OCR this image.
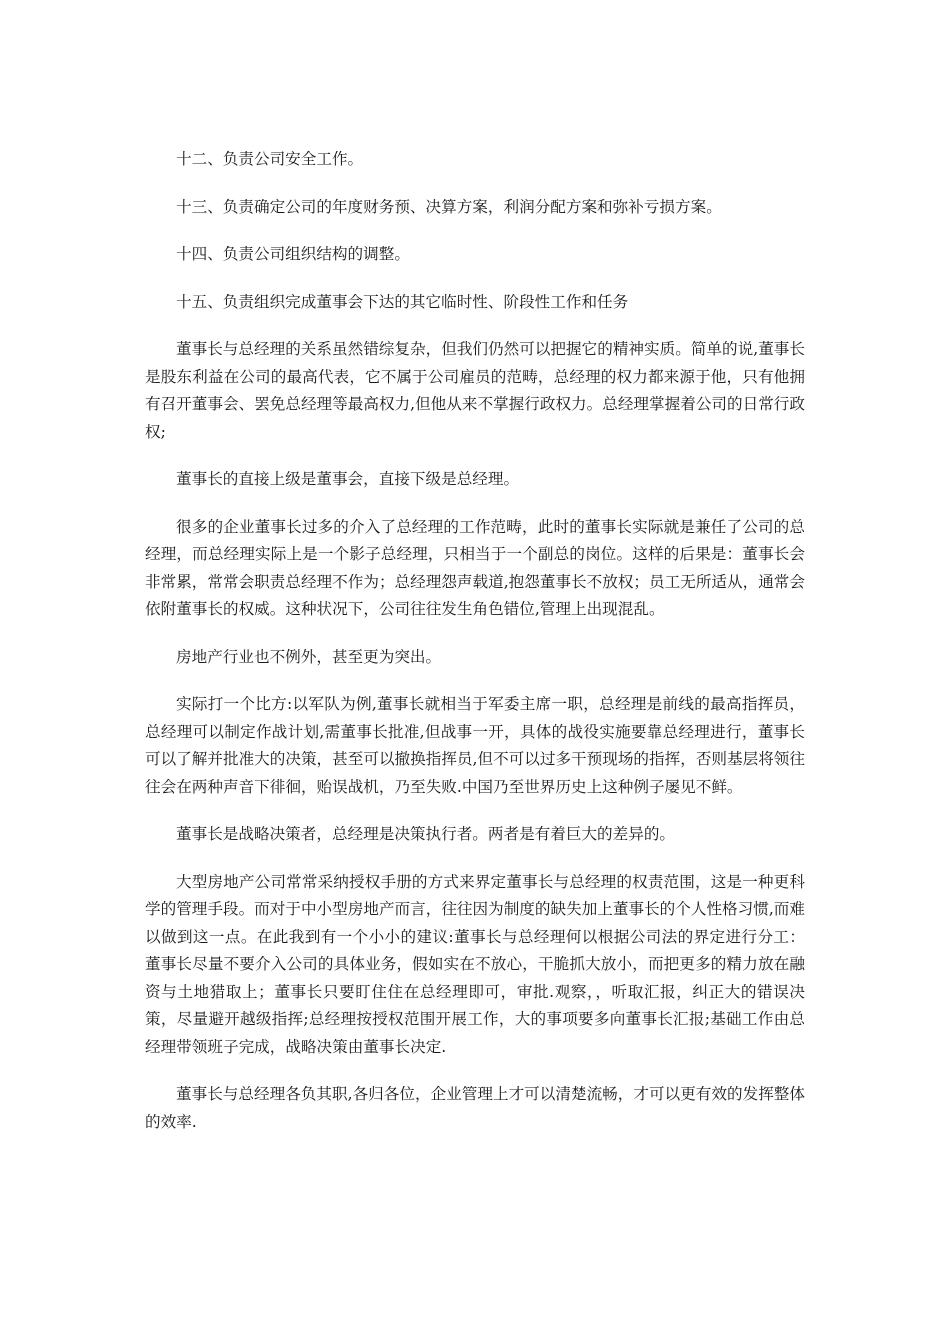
十二、负责公司安全工作。

十三、负责确定公司的年度财务预、决算方案，利润分配方案和弥补亏损方案。

十四、负责公司组织结构的调整。

十五、负责组织完成董事会下达的其它临时性、阶段性工作和任务

董事长与总经理的关系虽然错综复杂，但我们仍然可以把握它的精神实质。简单的说,董事长是股东利益在公司的最高代表，它不属于公司雇员的范畴，总经理的权力都来源于他，只有他拥有召开董事会、罢免总经理等最高权力,但他从来不掌握行政权力。总经理掌握着公司的日常行政权;

董事长的直接上级是董事会，直接下级是总经理。

很多的企业董事长过多的介入了总经理的工作范畴，此时的董事长实际就是兼任了公司的总经理，而总经理实际上是一个影子总经理，只相当于一个副总的岗位。这样的后果是：董事长会非常累，常常会职责总经理不作为；总经理怨声载道,抱怨董事长不放权；员工无所适从，通常会依附董事长的权威。这种状况下，公司往往发生角色错位,管理上出现混乱。

房地产行业也不例外，甚至更为突出。

实际打一个比方:以军队为例,董事长就相当于军委主席一职，总经理是前线的最高指挥员，总经理可以制定作战计划,需董事长批准,但战事一开，具体的战役实施要靠总经理进行，董事长可以了解并批准大的决策，甚至可以撤换指挥员,但不可以过多干预现场的指挥，否则基层将领往往会在两种声音下徘徊，贻误战机，乃至失败.中国乃至世界历史上这种例子屡见不鲜。

董事长是战略决策者，总经理是决策执行者。两者是有着巨大的差异的。

大型房地产公司常常采纳授权手册的方式来界定董事长与总经理的权责范围，这是一种更科学的管理手段。而对于中小型房地产而言，往往因为制度的缺失加上董事长的个人性格习惯,而难以做到这一点。在此我到有一个小小的建议:董事长与总经理何以根据公司法的界定进行分工：董事长尽量不要介入公司的具体业务，假如实在不放心，干脆抓大放小，而把更多的精力放在融资与土地猎取上；董事长只要盯住住在总经理即可，审批.观察，，听取汇报，纠正大的错误决策，尽量避开越级指挥;总经理按授权范围开展工作，大的事项要多向董事长汇报;基础工作由总经理带领班子完成，战略决策由董事长决定.

董事长与总经理各负其职,各归各位，企业管理上才可以清楚流畅，才可以更有效的发挥整体的效率.
